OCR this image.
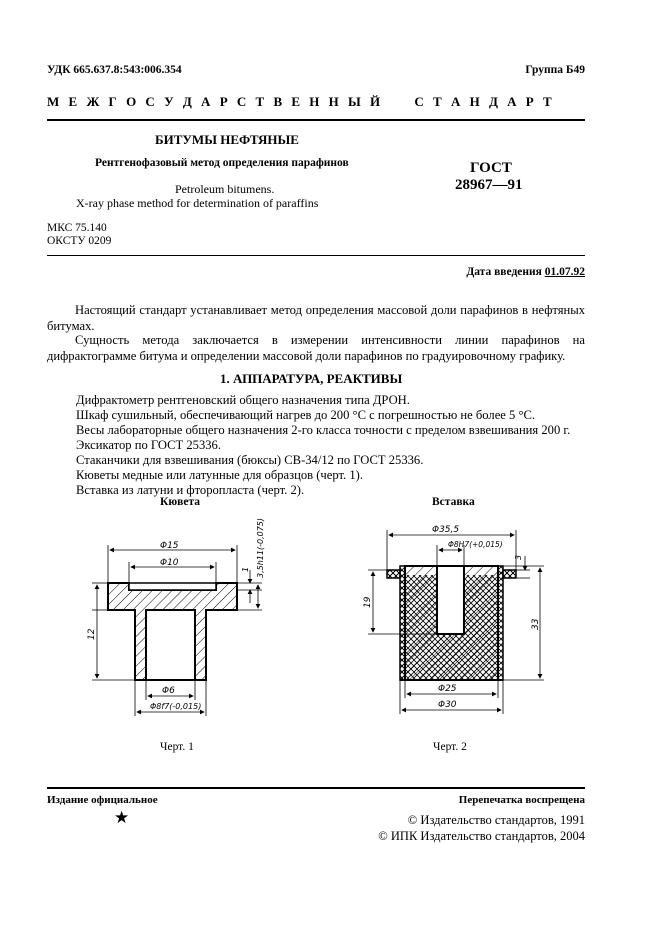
УДК 665.637.8:543:006.354	Группа Б49
М Е Ж Г О С У Д А Р С Т В Е Н Н Ы Й     С Т А Н Д А Р Т
БИТУМЫ НЕФТЯНЫЕ
Рентгенофазовый метод определения парафинов
Petroleum bitumens.
X-ray phase method for determination of paraffins
ГОСТ
28967—91
МКС 75.140
ОКСТУ 0209
Дата введения 01.07.92
Настоящий стандарт устанавливает метод определения массовой доли парафинов в нефтяных битумах.
Сущность метода заключается в измерении интенсивности линии парафинов на дифрактограмме битума и определении массовой доли парафинов по градуировочному графику.
1. АППАРАТУРА, РЕАКТИВЫ
Дифрактометр рентгеновский общего назначения типа ДРОН.
Шкаф сушильный, обеспечивающий нагрев до 200 °С с погрешностью не более 5 °С.
Весы лабораторные общего назначения 2-го класса точности с пределом взвешивания 200 г.
Эксикатор по ГОСТ 25336.
Стаканчики для взвешивания (бюксы) СВ-34/12 по ГОСТ 25336.
Кюветы медные или латунные для образцов (черт. 1).
Вставка из латуни и фторопласта (черт. 2).
Кювета	Вставка
Φ15
Φ10
1 3,5h11(-0,075)
12
Φ6
Φ8f7(-0,015)
Φ35,5
Φ8H7(+0,015)
3
33
19
Φ25
Φ30
Черт. 1	Черт. 2
Издание официальное	Перепечатка воспрещена
★	© Издательство стандартов, 1991
© ИПК Издательство стандартов, 2004
